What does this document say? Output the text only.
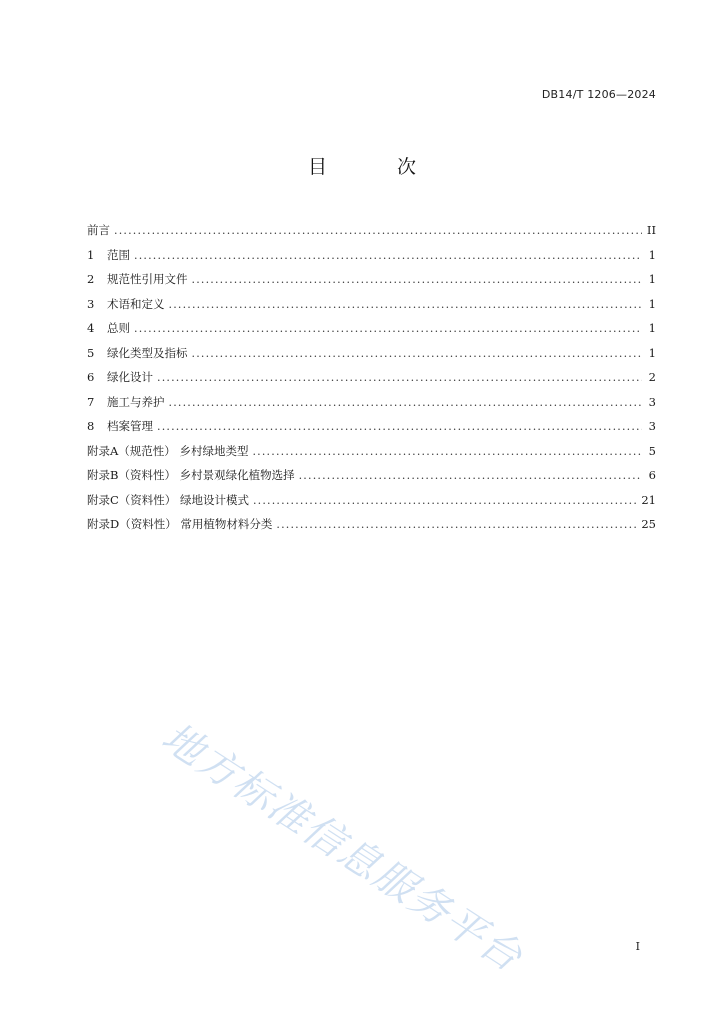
DB14/T 1206—2024
目 次
前言 .....	II
1	范围 .....	1
2	规范性引用文件 .....	1
3	术语和定义 .....	1
4	总则 .....	1
5	绿化类型及指标 .....	1
6	绿化设计 .....	2
7	施工与养护 .....	3
8	档案管理 .....	3
附录A（规范性） 乡村绿地类型 .....	5
附录B（资料性） 乡村景观绿化植物选择 .....	6
附录C（资料性） 绿地设计模式 .....	21
附录D（资料性） 常用植物材料分类 .....	25
地方标准信息服务平台	I
